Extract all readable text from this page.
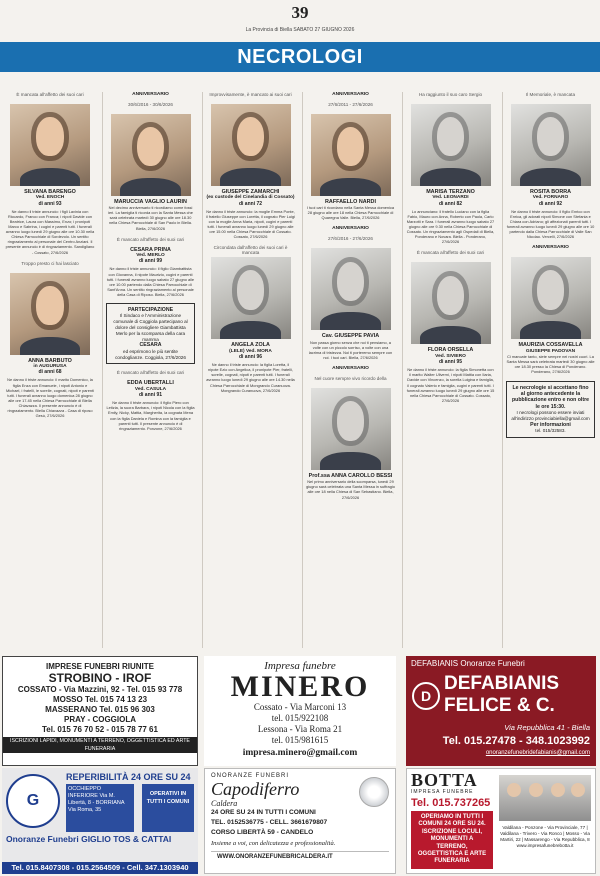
39
La Provincia di Biella SABATO 27 GIUGNO 2026
NECROLOGI
È mancata all'affetto dei suoi cari
SILVANA BARENGO
Ved. ENOCH
di anni 93
Ne danno il triste annuncio: i figli Lavinia con Riccardo, Franco con Franca; i nipoti Davide con Beatrice, Laura con Massimo, Enzo; i pronipoti Marco e Sabrina, i cugini e parenti tutti. I funerali avranno luogo lunedì 29 giugno alle ore 10.30 nella Chiesa Parrocchiale di Sordevolo. Un sentito ringraziamento al personale del Centro Anziani. Il presente annuncio è di ringraziamento. Sandigliano - Cossato, 27/6/2026
Troppo presto ci hai lasciato
ANNA BARBUTO
in AUGURUSA
di anni 68
Ne danno il triste annuncio: il marito Domenico, la figlia Enza con Emanuele, i nipoti Antonio e Michael, i fratelli, le sorelle, cognati, nipoti e parenti tutti. I funerali avranno luogo domenica 28 giugno alle ore 17.45 nella Chiesa Parrocchiale di Biella Chiavazza. Il presente annuncio è di ringraziamento. Biella Chiavazza - Casa di riposo Gesù, 27/6/2026
ANNIVERSARIO
30/6/2016 - 30/6/2026
MARUCCIA VAGLIO LAURIN
Nel decimo anniversario ti ricordiamo come fossi ieri. La famiglia ti ricorda con la Santa Messa che sarà celebrata martedì 30 giugno alle ore 18.30 nella Chiesa Parrocchiale di San Paolo in Biella. Biella, 27/6/2026
È mancato all'affetto dei suoi cari
CESARA PRINA
Ved. MERLO
di anni 99
Ne danno il triste annuncio: il figlio Giambattista con Giovanna, il nipote Maurizio, cugini e parenti tutti. I funerali avranno luogo sabato 27 giugno alle ore 10.00 partendo dalla Chiesa Parrocchiale di Sant'Anna. Un sentito ringraziamento al personale della Casa di Riposo. Biella, 27/6/2026
PARTECIPAZIONE
Il Sindaco e l'Amministrazione comunale di Coggiola partecipano al dolore del consigliere Giambattista Merlo per la scomparsa della cara mamma
CESARA
ed esprimono le più sentite condoglianze. Coggiola, 27/6/2026
È mancato all'affetto dei suoi cari
EDDA UBERTALLI
Ved. CASULA
di anni 91
Ne danno il triste annuncio: il figlio Piero con Letizia, la suora Barbara, i nipoti Nicola con la figlia Emily, Nicky, Mattia, Margherita, la cognata Mena con la figlia Daniela e Romina con la famiglia e parenti tutti. Il presente annuncio è di ringraziamento. Ponzone, 27/6/2026
Improvvisamente, è mancato ai suoi cari
GIUSEPPE ZAMARCHI
(ex custode del Cinelandia di Cossato)
di anni 72
Ne danno il triste annuncio: la moglie Emma Ponte, il fratello Giuseppe con Loretta, il cognato Pier Luigi con la moglie Anna Maria, nipoti, cugini e parenti tutti. I funerali avranno luogo lunedì 29 giugno alle ore 15.00 nella Chiesa Parrocchiale di Cossato. Cossato, 27/6/2026
Circondata dall'affetto dei suoi cari è mancata
ANGELA ZOLA
(LELE) Ved. MORA
di anni 96
Ne danno il triste annuncio: la figlia Loretta, il nipote Ezio con Angelica, il pronipote Pier, fratelli, sorelle, cognati, nipoti e parenti tutti. I funerali avranno luogo lunedì 29 giugno alle ore 14.30 nella Chiesa Parrocchiale di Mongrando Curanuova. Mongrando Curanuova, 27/6/2026
ANNIVERSARIO
27/6/2011 - 27/6/2026
RAFFAELLO NARDI
I tuoi cari ti ricordano nella Santa Messa domenica 28 giugno alle ore 18 nella Chiesa Parrocchiale di Quaregna Valle. Biella, 27/6/2026
ANNIVERSARIO
27/6/2016 - 27/6/2026
Cav. GIUSEPPE PAVIA
Non passa giorno senza che noi ti pensiamo, a volte con un piccolo sorriso, a volte con una lacrima di tristezza. Noi ti porteremo sempre con noi. I tuoi cari. Biella, 27/6/2026
ANNIVERSARIO
Nel cuore sempre vivo ricordo della
Prof.ssa ANNA CAROLLO BESSI
Nel primo anniversario della scomparsa, lunedì 29 giugno sarà celebrata una Santa Messa in suffragio alle ore 18 nella Chiesa di San Sebastiano. Biella, 27/6/2026
Ha raggiunto il suo caro Sergio
MARISA TERZANO
Ved. LEONARDI
di anni 82
Lo annunciano: il fratello Luciano con la figlia Fabio, Mauro con Anna, Roberto con Paola, Carlo Marzotti e Sara. I funerali avranno luogo sabato 27 giugno alle ore 9.30 nella Chiesa Parrocchiale di Cossato. Un ringraziamento agli Ospedali di Biella, Ponderano e Novara. Biella - Ponderano, 27/6/2026
È mancata all'affetto dei suoi cari
FLORA ORSELLA
Ved. SIVIERO
di anni 95
Ne danno il triste annuncio: la figlia Simonetta con il marito Walter Uliverni, i nipoti Mattia con Ilaria, Davide con Vincenzo, la sorella Luigina e famiglia, il cognato Valerio e famiglia, cugini e parenti tutti. I funerali avranno luogo lunedì 29 giugno alle ore 15 nella Chiesa Parrocchiale di Cossato. Cossato, 27/6/2026
Il Memoriale, è mancata
ROSITA BORRA
Ved. FORNARO
di anni 92
Ne danno il triste annuncio: il figlio Enrico con Enrica, gli adorati nipoti Simone con Stefania e Chiara con Adriano; gli affezionati parenti tutti. I funerali avranno luogo lunedì 29 giugno alle ore 10 partendo dalla Chiesa Parrocchiale di Valle San Nicolao. Vercelli, 27/6/2026
ANNIVERSARIO
MAURIZIA COSSAVELLA
GIUSEPPE PADOVAN
Ci mancate tanto, siete sempre nei nostri cuori. La Santa Messa sarà celebrata martedì 30 giugno alle ore 18.30 presso la Chiesa di Ponderano. Ponderano, 27/6/2026
Le necrologie si accettano fino al giorno antecedente la pubblicazione entro e non oltre le ore 15:30.
I necrologi possono essere inviati all'indirizzo provinciabiella@gmail.com
Per informazioni
tel. 015/32583.
IMPRESE FUNEBRI RIUNITE
STROBINO - IROF
COSSATO - Via Mazzini, 92 - Tel. 015 93 778
MOSSO Tel. 015 74 13 23
MASSERANO Tel. 015 96 303
PRAY - COGGIOLA
Tel. 015 76 70 52 - 015 78 77 61
ISCRIZIONI LAPIDI, MONUMENTI A TERRENO, OGGETTISTICA ED ARTE FUNERARIA
Impresa funebre
MINERO
Cossato - Via Marconi 13
tel. 015/922108
Lessona - Via Roma 21
tel. 015/981615
impresa.minero@gmail.com
DEFABIANIS Onoranze Funebri
D
DEFABIANIS FELICE & C.
Via Repubblica 41 - Biella
Tel. 015.27478 - 348.1023992
onoranzefunebridefabianis@gmail.com
G
REPERIBILITÀ 24 ORE SU 24
OCCHIEPPO INFERIORE Via M. Libertà, 8 - BORRIANA Via Roma, 35
OPERATIVI IN TUTTI I COMUNI
Onoranze Funebri GIGLIO TOS & CATTAI
Tel. 015.8407308 - 015.2564509 - Cell. 347.1303940
ONORANZE FUNEBRI
Capodiferro
Caldera
24 ORE SU 24 IN TUTTI I COMUNI
TEL. 0152536775 - CELL. 3661679807
CORSO LIBERTÀ 59 - CANDELO
Insieme a voi, con delicatezza e professionalità.
WWW.ONORANZEFUNEBRICALDERA.IT
BOTTA
IMPRESA FUNEBRE
Tel. 015.737265
OPERIAMO IN TUTTI I COMUNI 24 ORE SU 24. ISCRIZIONE LOCULI, MONUMENTI A TERRENO, OGGETTISTICA E ARTE FUNERARIA
Valdilana - Ponzone - Via Provinciale, 77 | Valdilana - Trivero - Via Ronco | Mosso - Via Martiri, 22 | Massarengo - Via Repubblica, 8 www.impresafunebrebotta.it
